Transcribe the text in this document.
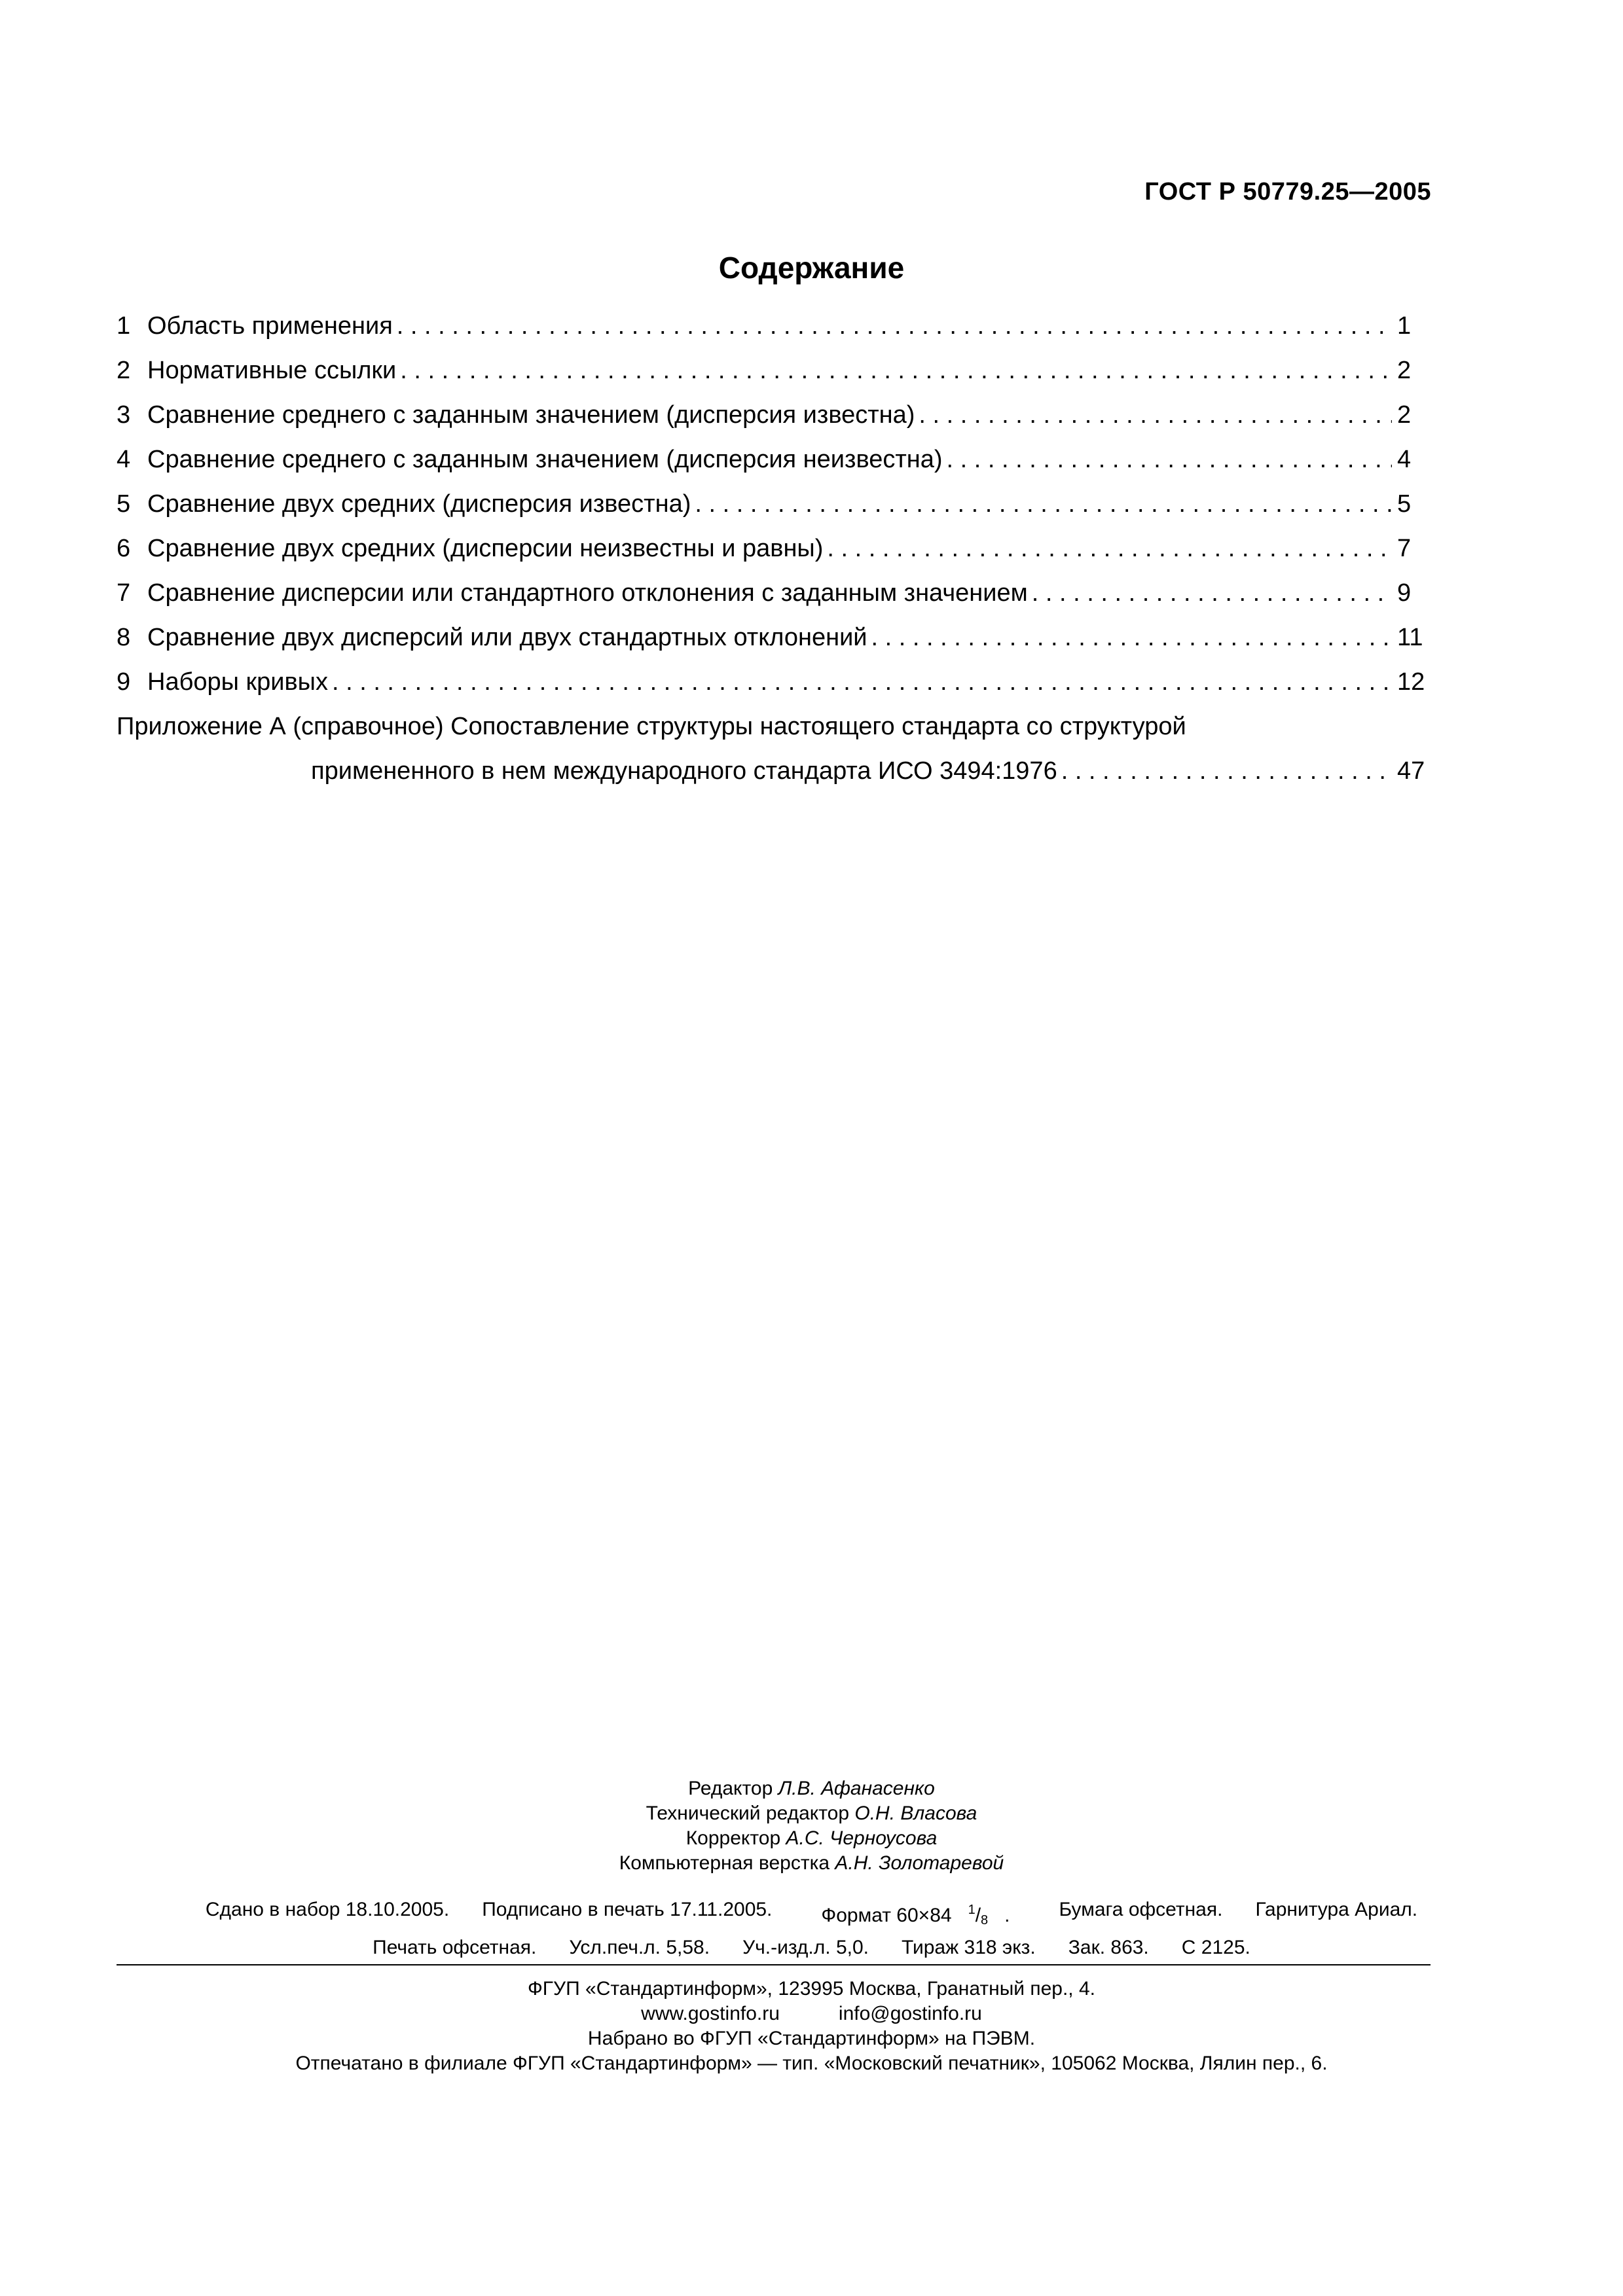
ГОСТ Р 50779.25—2005
Содержание
1 Область применения . . .	1
2 Нормативные ссылки . . .	2
3 Сравнение среднего с заданным значением (дисперсия известна) . . .	2
4 Сравнение среднего с заданным значением (дисперсия неизвестна) . . .	4
5 Сравнение двух средних (дисперсия известна) . . .	5
6 Сравнение двух средних (дисперсии неизвестны и равны) . . .	7
7 Сравнение дисперсии или стандартного отклонения с заданным значением . . .	9
8 Сравнение двух дисперсий или двух стандартных отклонений . . .	11
9 Наборы кривых . . .	12
Приложение А (справочное) Сопоставление структуры настоящего стандарта со структурой
примененного в нем международного стандарта ИСО 3494:1976 . . .	47
Редактор Л.В. Афанасенко
Технический редактор О.Н. Власова
Корректор А.С. Черноусова
Компьютерная верстка А.Н. Золотаревой
Сдано в набор 18.10.2005. Подписано в печать 17.11.2005.	Формат 60×84 $^1/_8$ .	Бумага офсетная. Гарнитура Ариал.
Печать офсетная. Усл.печ.л. 5,58. Уч.-изд.л. 5,0. Тираж 318 экз. Зак. 863. С 2125.
ФГУП «Стандартинформ», 123995 Москва, Гранатный пер., 4.
www.gostinfo.ru	info@gostinfo.ru
Набрано во ФГУП «Стандартинформ» на ПЭВМ.
Отпечатано в филиале ФГУП «Стандартинформ» — тип. «Московский печатник», 105062 Москва, Лялин пер., 6.
